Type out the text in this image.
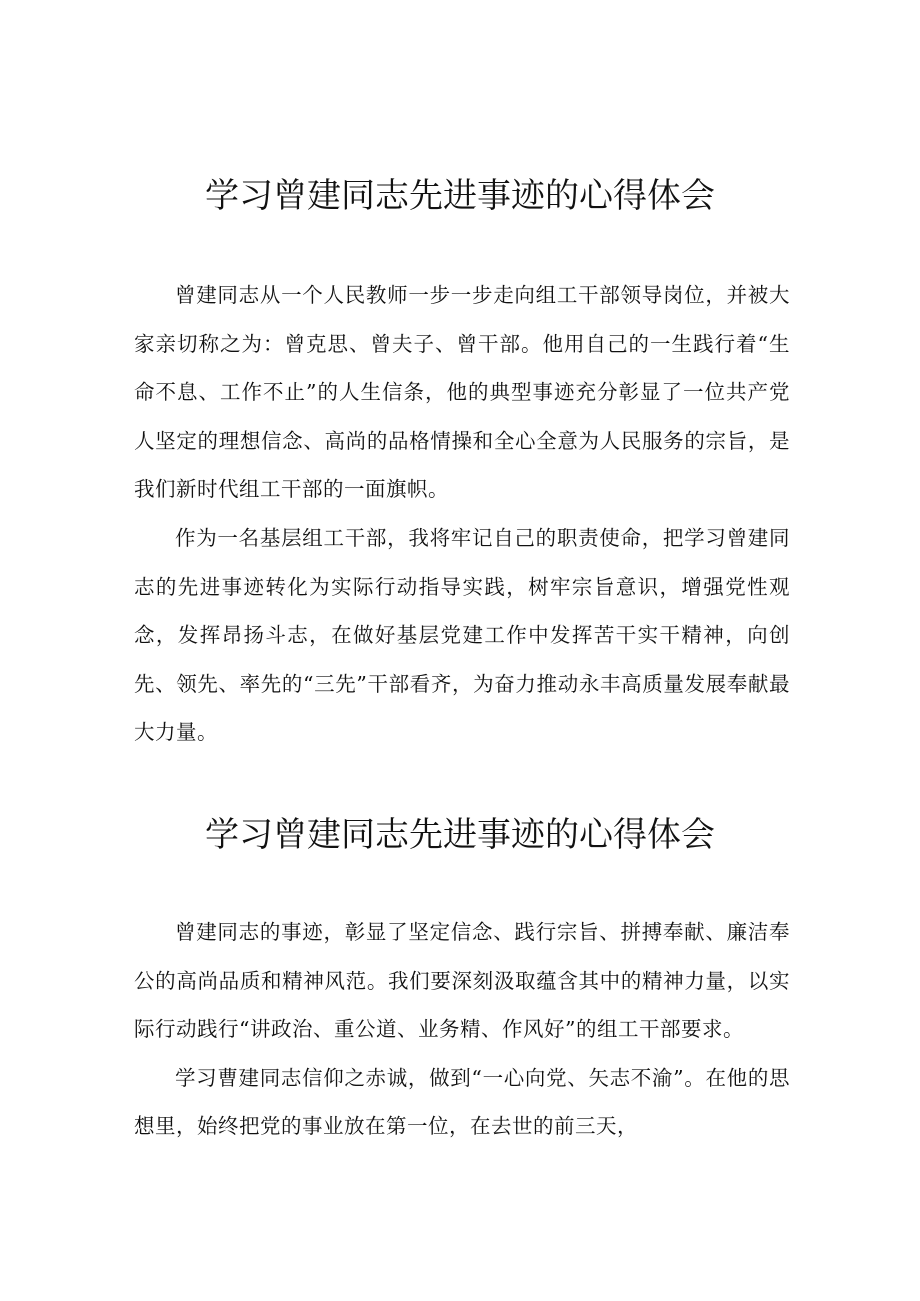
学习曾建同志先进事迹的心得体会

曾建同志从一个人民教师一步一步走向组工干部领导岗位，并被大家亲切称之为：曾克思、曾夫子、曾干部。他用自己的一生践行着“生命不息、工作不止”的人生信条，他的典型事迹充分彰显了一位共产党人坚定的理想信念、高尚的品格情操和全心全意为人民服务的宗旨，是我们新时代组工干部的一面旗帜。

作为一名基层组工干部，我将牢记自己的职责使命，把学习曾建同志的先进事迹转化为实际行动指导实践，树牢宗旨意识，增强党性观念，发挥昂扬斗志，在做好基层党建工作中发挥苦干实干精神，向创先、领先、率先的“三先”干部看齐，为奋力推动永丰高质量发展奉献最大力量。

学习曾建同志先进事迹的心得体会

曾建同志的事迹，彰显了坚定信念、践行宗旨、拼搏奉献、廉洁奉公的高尚品质和精神风范。我们要深刻汲取蕴含其中的精神力量，以实际行动践行“讲政治、重公道、业务精、作风好”的组工干部要求。

学习曹建同志信仰之赤诚，做到“一心向党、矢志不渝”。在他的思想里，始终把党的事业放在第一位，在去世的前三天，
